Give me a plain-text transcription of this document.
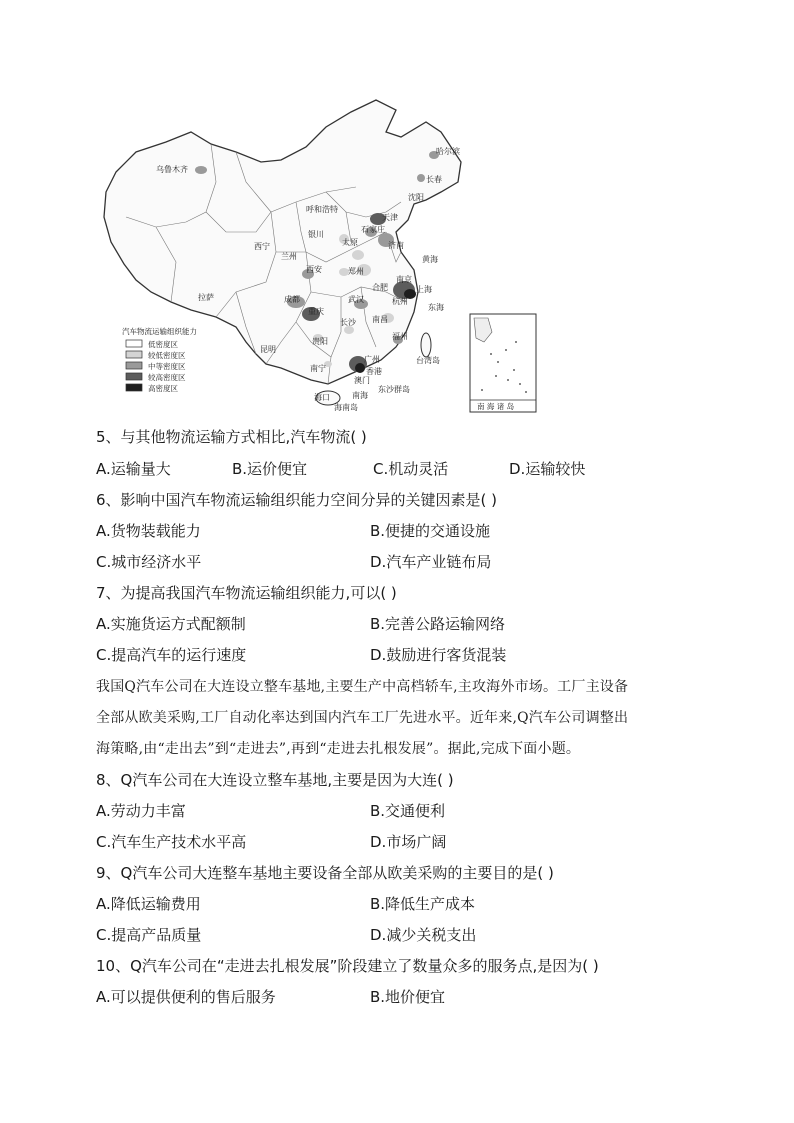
乌鲁木齐
哈尔滨
长春
沈阳
天津
呼和浩特
石家庄
银川
太原	济南
西宁
兰州
西安	郑州
黄海
南京
上海
拉萨	成都	武汉
合肥
东海
杭州
重庆
长沙 南昌
福州
贵阳
昆明
南宁
广州	台湾岛
香港
澳门
东沙群岛
海口	南海
海南岛
汽车物流运输组织能力
低密度区
较低密度区
中等密度区
较高密度区
高密度区
南 海 诸 岛
5、与其他物流运输方式相比,汽车物流( )
A.运输量大	B.运价便宜	C.机动灵活	D.运输较快
6、影响中国汽车物流运输组织能力空间分异的关键因素是( )
A.货物装载能力	B.便捷的交通设施
C.城市经济水平	D.汽车产业链布局
7、为提高我国汽车物流运输组织能力,可以( )
A.实施货运方式配额制	B.完善公路运输网络
C.提高汽车的运行速度	D.鼓励进行客货混装
我国Q汽车公司在大连设立整车基地,主要生产中高档轿车,主攻海外市场。工厂主设备
全部从欧美采购,工厂自动化率达到国内汽车工厂先进水平。近年来,Q汽车公司调整出
海策略,由“走出去”到“走进去”,再到“走进去扎根发展”。据此,完成下面小题。
8、Q汽车公司在大连设立整车基地,主要是因为大连( )
A.劳动力丰富	B.交通便利
C.汽车生产技术水平高	D.市场广阔
9、Q汽车公司大连整车基地主要设备全部从欧美采购的主要目的是( )
A.降低运输费用	B.降低生产成本
C.提高产品质量	D.减少关税支出
10、Q汽车公司在“走进去扎根发展”阶段建立了数量众多的服务点,是因为( )
A.可以提供便利的售后服务	B.地价便宜
